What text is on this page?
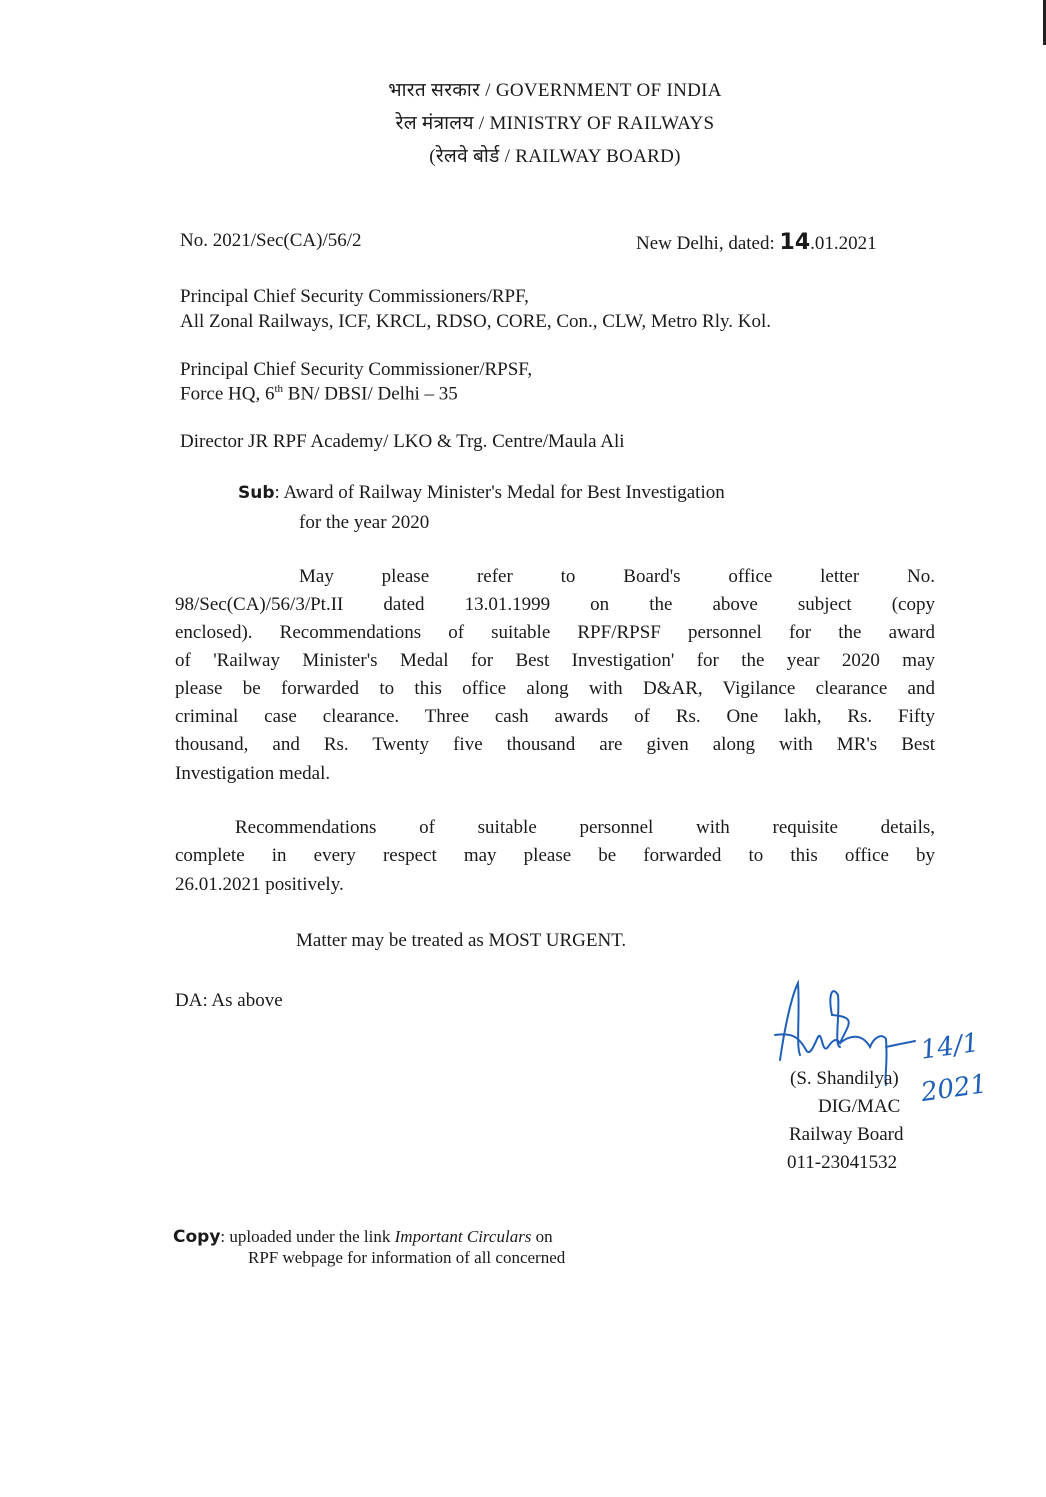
भारत सरकार / GOVERNMENT OF INDIA
रेल मंत्रालय / MINISTRY OF RAILWAYS
(रेलवे बोर्ड / RAILWAY BOARD)
No. 2021/Sec(CA)/56/2	New Delhi, dated: 14.01.2021
Principal Chief Security Commissioners/RPF,
All Zonal Railways, ICF, KRCL, RDSO, CORE, Con., CLW, Metro Rly. Kol.
Principal Chief Security Commissioner/RPSF,
Force HQ, 6th BN/ DBSI/ Delhi – 35
Director JR RPF Academy/ LKO & Trg. Centre/Maula Ali
Sub: Award of Railway Minister's Medal for Best Investigation
for the year 2020
May please refer to Board's office letter No.
98/Sec(CA)/56/3/Pt.II dated 13.01.1999 on the above subject (copy
enclosed). Recommendations of suitable RPF/RPSF personnel for the award
of 'Railway Minister's Medal for Best Investigation' for the year 2020 may
please be forwarded to this office along with D&AR, Vigilance clearance and
criminal case clearance. Three cash awards of Rs. One lakh, Rs. Fifty
thousand, and Rs. Twenty five thousand are given along with MR's Best
Investigation medal.
Recommendations of suitable personnel with requisite details,
complete in every respect may please be forwarded to this office by
26.01.2021 positively.
Matter may be treated as MOST URGENT.
DA: As above
14/1 2021
(S. Shandilya)
DIG/MAC
Railway Board
011-23041532
Copy: uploaded under the link Important Circulars on
RPF webpage for information of all concerned
